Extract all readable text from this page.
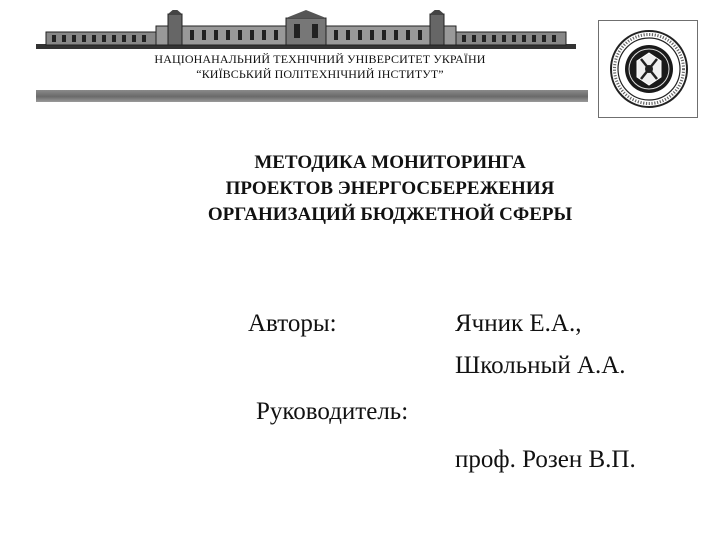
НАЦІОНАНАЛЬНИЙ ТЕХНІЧНИЙ УНІВЕРСИТЕТ УКРАЇНИ
“КИЇВСЬКИЙ ПОЛІТЕХНІЧНИЙ ІНСТИТУТ”
МЕТОДИКА МОНИТОРИНГА
ПРОЕКТОВ ЭНЕРГОСБЕРЕЖЕНИЯ
ОРГАНИЗАЦИЙ БЮДЖЕТНОЙ СФЕРЫ
Авторы:	Ячник Е.А.,
Школьный А.А.
Руководитель:
проф. Розен В.П.
